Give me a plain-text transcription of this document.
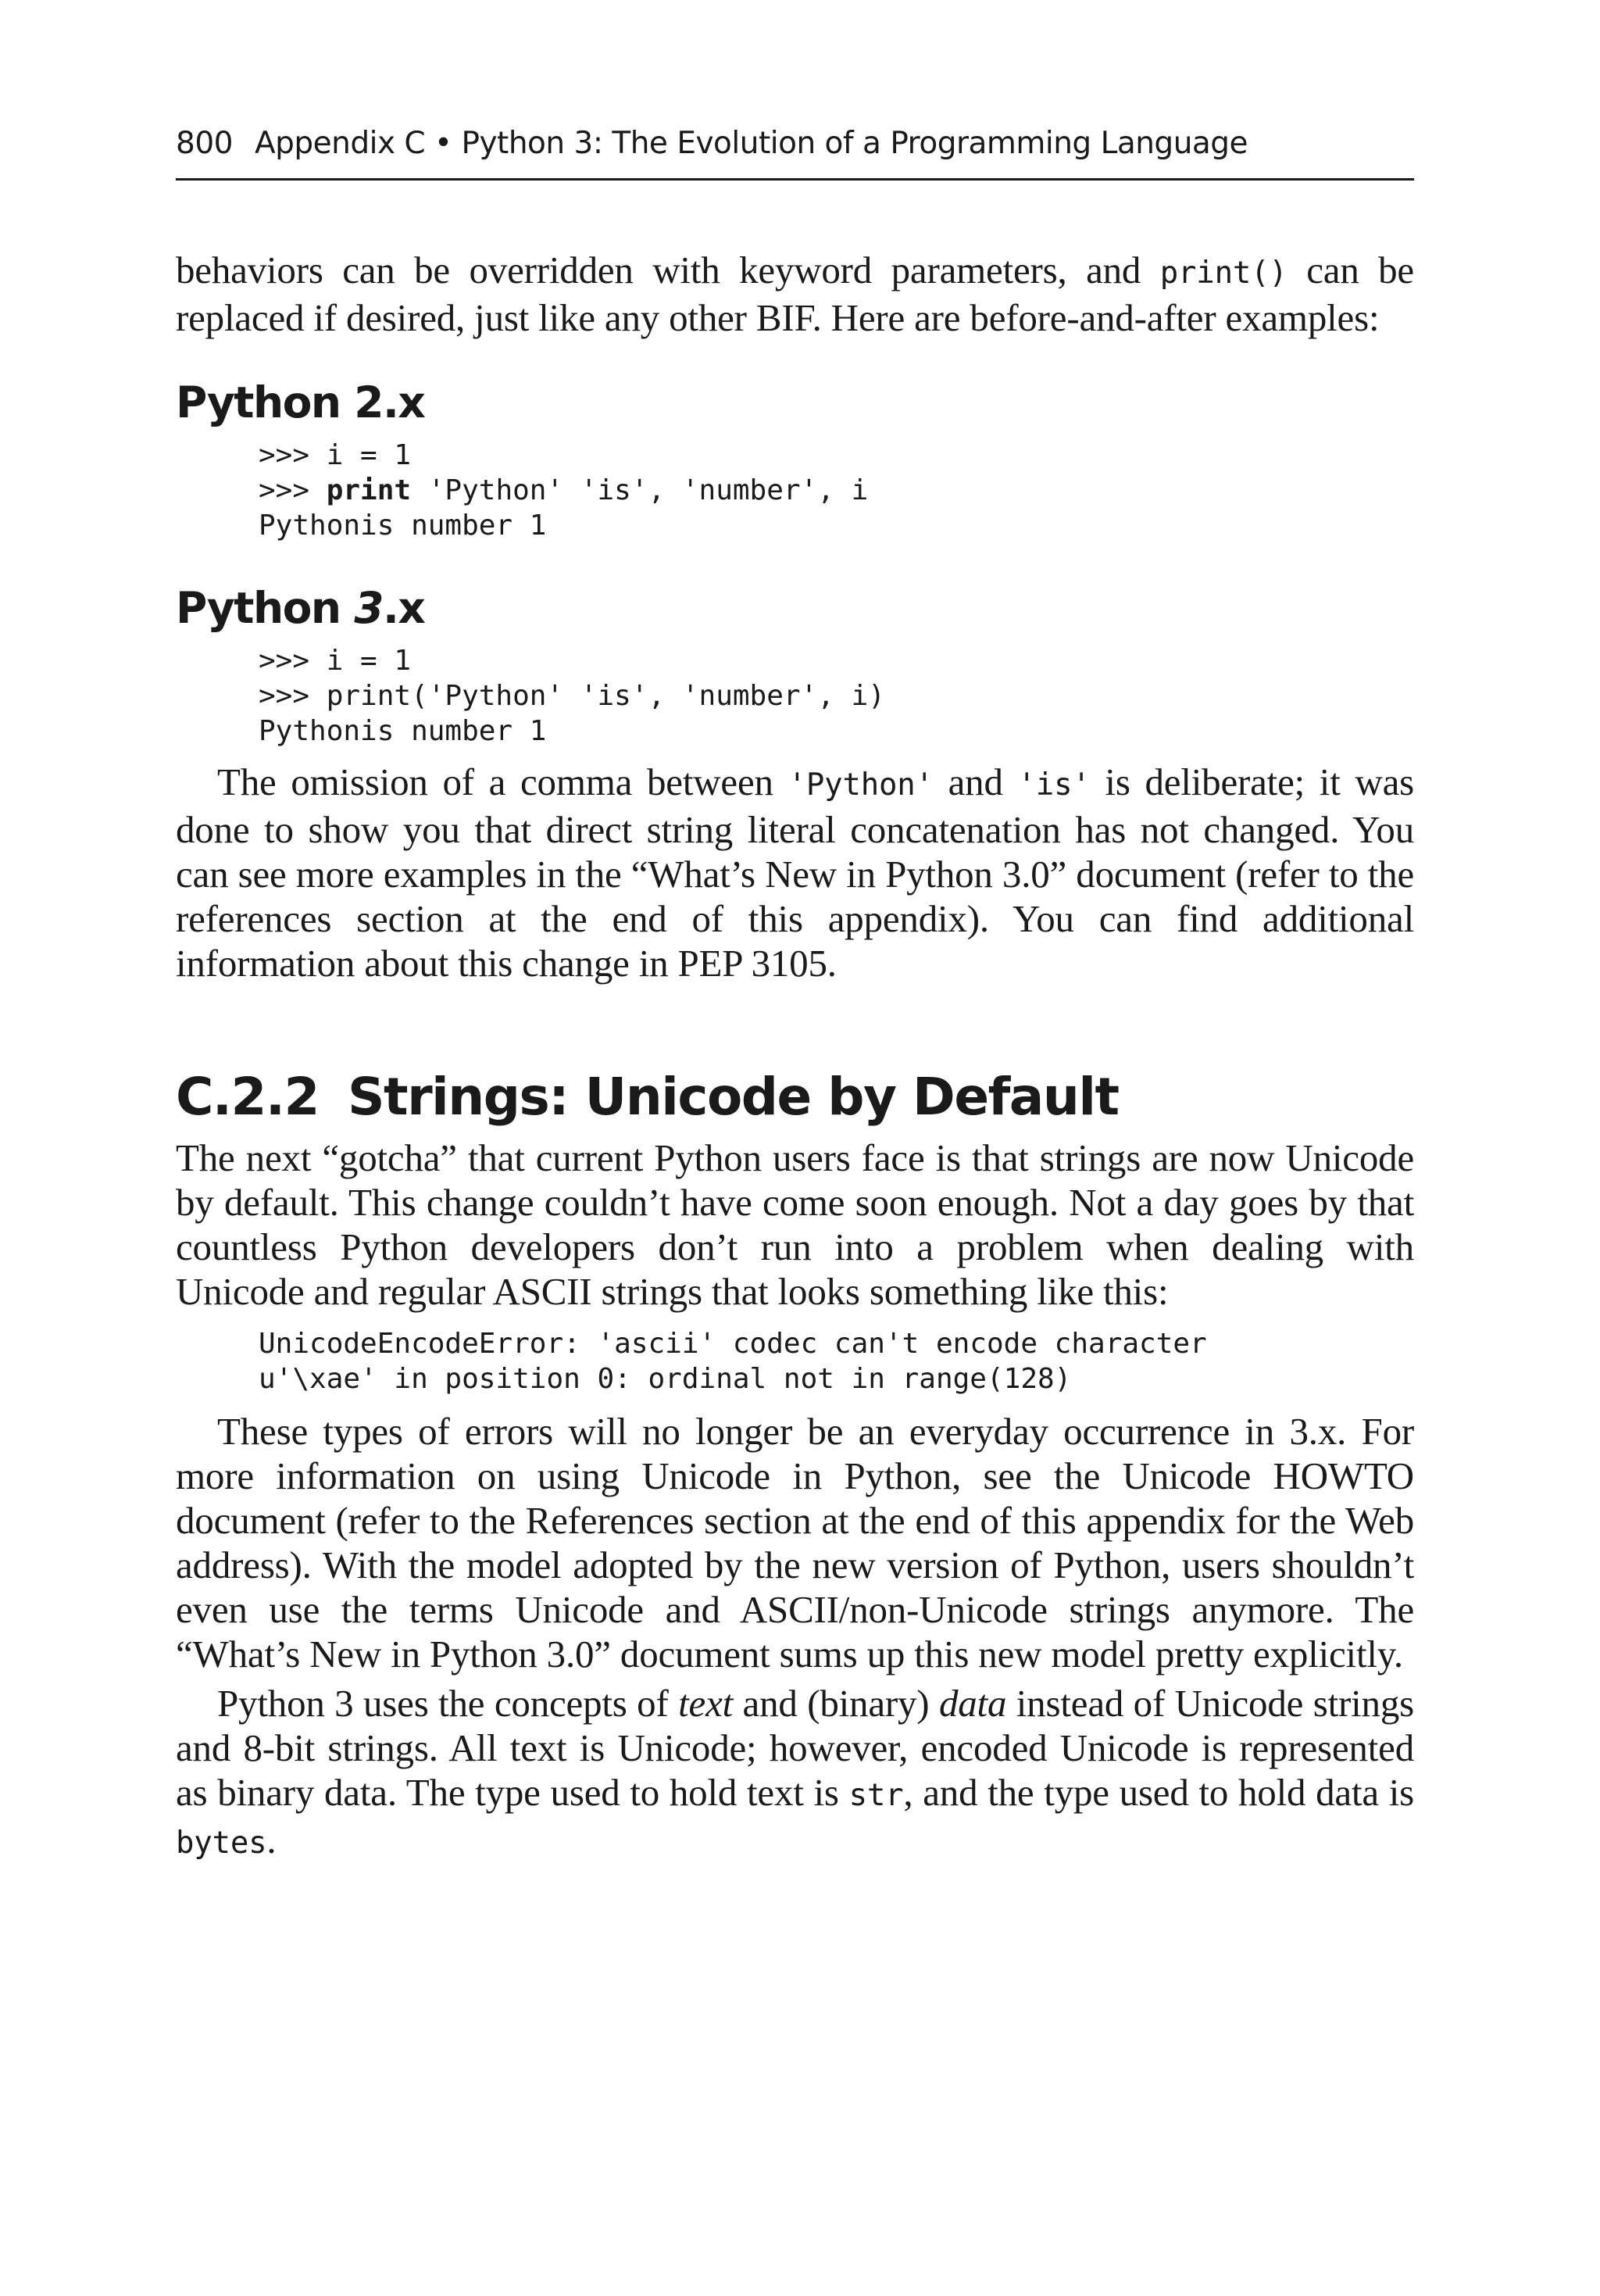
800 Appendix C • Python 3: The Evolution of a Programming Language

behaviors can be overridden with keyword parameters, and print() can be replaced if desired, just like any other BIF. Here are before-and-after examples:

Python 2.x
>>> i = 1
>>> print 'Python' 'is', 'number', i
Pythonis number 1
Python 3.x
>>> i = 1
>>> print('Python' 'is', 'number', i)
Pythonis number 1

The omission of a comma between 'Python' and 'is' is deliberate; it was done to show you that direct string literal concatenation has not changed. You can see more examples in the “What’s New in Python 3.0” document (refer to the references section at the end of this appendix). You can find additional information about this change in PEP 3105.

C.2.2 Strings: Unicode by Default

The next “gotcha” that current Python users face is that strings are now Unicode by default. This change couldn’t have come soon enough. Not a day goes by that countless Python developers don’t run into a problem when dealing with Unicode and regular ASCII strings that looks something like this:

UnicodeEncodeError: 'ascii' codec can't encode character
u'\xae' in position 0: ordinal not in range(128)

These types of errors will no longer be an everyday occurrence in 3.x. For more information on using Unicode in Python, see the Unicode HOWTO document (refer to the References section at the end of this appendix for the Web address). With the model adopted by the new version of Python, users shouldn’t even use the terms Unicode and ASCII/non-Unicode strings anymore. The “What’s New in Python 3.0” document sums up this new model pretty explicitly.

Python 3 uses the concepts of text and (binary) data instead of Unicode strings and 8-bit strings. All text is Unicode; however, encoded Unicode is represented as binary data. The type used to hold text is str, and the type used to hold data is bytes.
